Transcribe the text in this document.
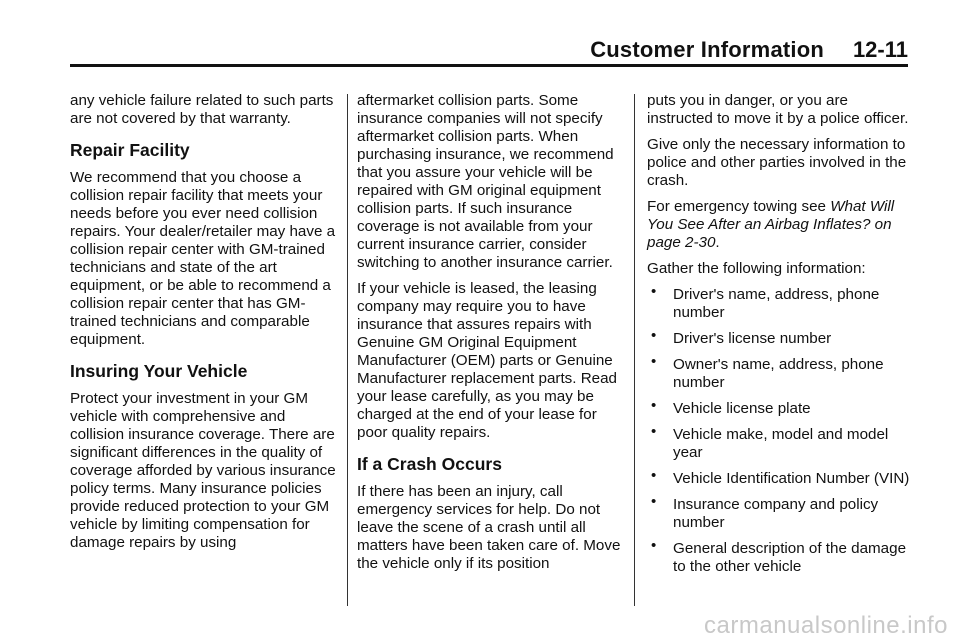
Customer Information 12-11

any vehicle failure related to such parts are not covered by that warranty.

Repair Facility

We recommend that you choose a collision repair facility that meets your needs before you ever need collision repairs. Your dealer/retailer may have a collision repair center with GM-trained technicians and state of the art equipment, or be able to recommend a collision repair center that has GM-trained technicians and comparable equipment.

Insuring Your Vehicle

Protect your investment in your GM vehicle with comprehensive and collision insurance coverage. There are significant differences in the quality of coverage afforded by various insurance policy terms. Many insurance policies provide reduced protection to your GM vehicle by limiting compensation for damage repairs by using

aftermarket collision parts. Some insurance companies will not specify aftermarket collision parts. When purchasing insurance, we recommend that you assure your vehicle will be repaired with GM original equipment collision parts. If such insurance coverage is not available from your current insurance carrier, consider switching to another insurance carrier.

If your vehicle is leased, the leasing company may require you to have insurance that assures repairs with Genuine GM Original Equipment Manufacturer (OEM) parts or Genuine Manufacturer replacement parts. Read your lease carefully, as you may be charged at the end of your lease for poor quality repairs.

If a Crash Occurs

If there has been an injury, call emergency services for help. Do not leave the scene of a crash until all matters have been taken care of. Move the vehicle only if its position

puts you in danger, or you are instructed to move it by a police officer.

Give only the necessary information to police and other parties involved in the crash.

For emergency towing see What Will You See After an Airbag Inflates? on page 2-30.

Gather the following information:

• Driver's name, address, phone number
• Driver's license number
• Owner's name, address, phone number
• Vehicle license plate
• Vehicle make, model and model year
• Vehicle Identification Number (VIN)
• Insurance company and policy number
• General description of the damage to the other vehicle
carmanualsonline.info
